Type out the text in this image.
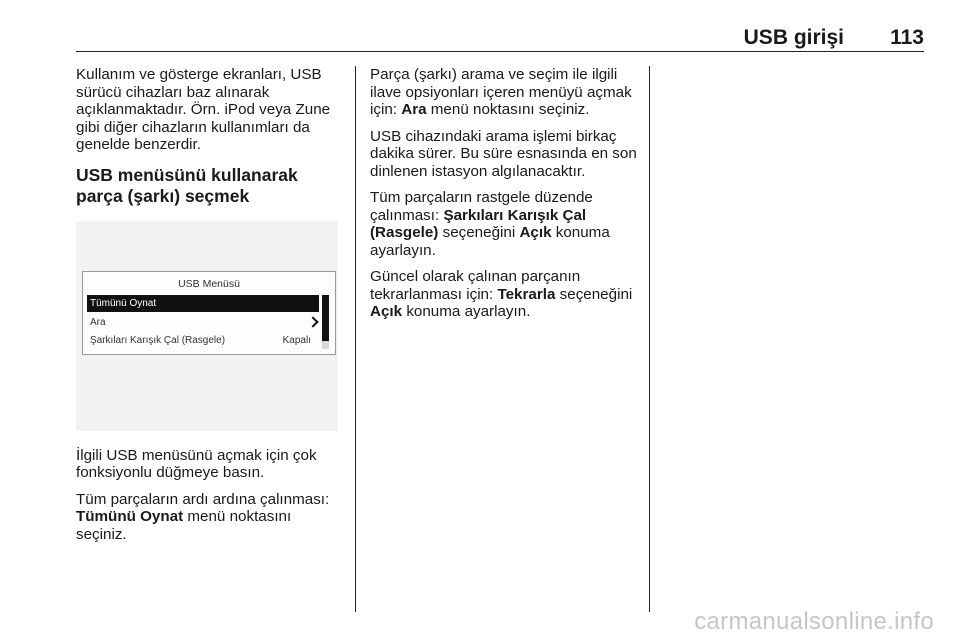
USB girişi 113

Kullanım ve gösterge ekranları, USB sürücü cihazları baz alınarak açıklanmaktadır. Örn. iPod veya Zune gibi diğer cihazların kullanımları da genelde benzerdir.

USB menüsünü kullanarak parça (şarkı) seçmek
USB Menüsü
Tümünü Oynat
Ara
Şarkıları Karışık Çal (Rasgele)	Kapalı

İlgili USB menüsünü açmak için çok fonksiyonlu düğmeye basın.

Tüm parçaların ardı ardına çalınması: Tümünü Oynat menü noktasını seçiniz.

Parça (şarkı) arama ve seçim ile ilgili ilave opsiyonları içeren menüyü açmak için: Ara menü noktasını seçiniz.

USB cihazındaki arama işlemi birkaç dakika sürer. Bu süre esnasında en son dinlenen istasyon algılanacaktır.

Tüm parçaların rastgele düzende çalınması: Şarkıları Karışık Çal (Rasgele) seçeneğini Açık konuma ayarlayın.

Güncel olarak çalınan parçanın tekrarlanması için: Tekrarla seçeneğini Açık konuma ayarlayın.

carmanualsonline.info
